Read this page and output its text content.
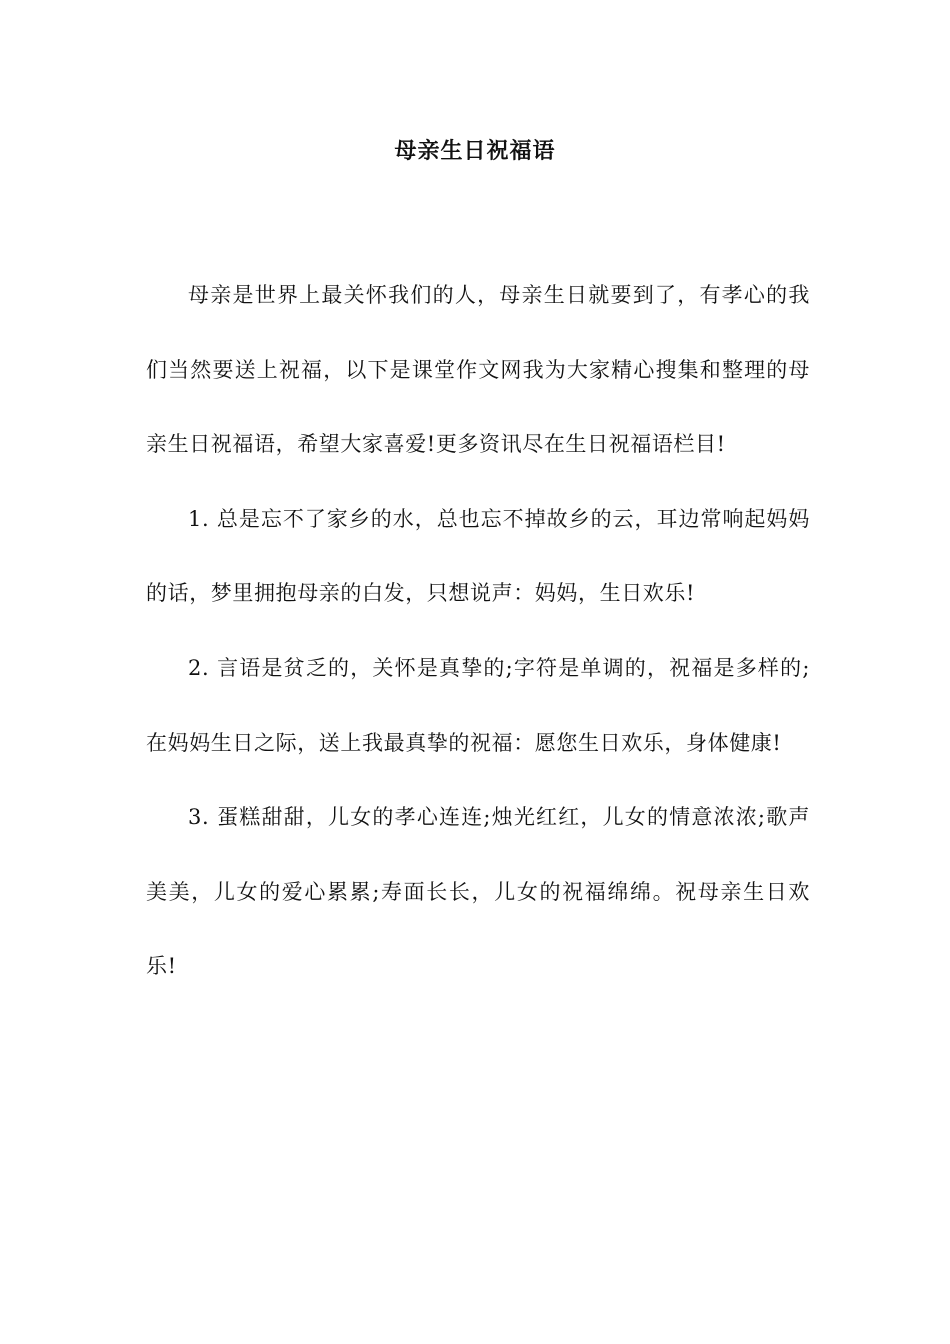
母亲生日祝福语

母亲是世界上最关怀我们的人，母亲生日就要到了，有孝心的我们当然要送上祝福，以下是课堂作文网我为大家精心搜集和整理的母亲生日祝福语，希望大家喜爱!更多资讯尽在生日祝福语栏目!

1. 总是忘不了家乡的水，总也忘不掉故乡的云，耳边常响起妈妈的话，梦里拥抱母亲的白发，只想说声：妈妈，生日欢乐!

2. 言语是贫乏的，关怀是真挚的;字符是单调的，祝福是多样的;在妈妈生日之际，送上我最真挚的祝福：愿您生日欢乐，身体健康!

3. 蛋糕甜甜，儿女的孝心连连;烛光红红，儿女的情意浓浓;歌声美美，儿女的爱心累累;寿面长长，儿女的祝福绵绵。祝母亲生日欢乐!
